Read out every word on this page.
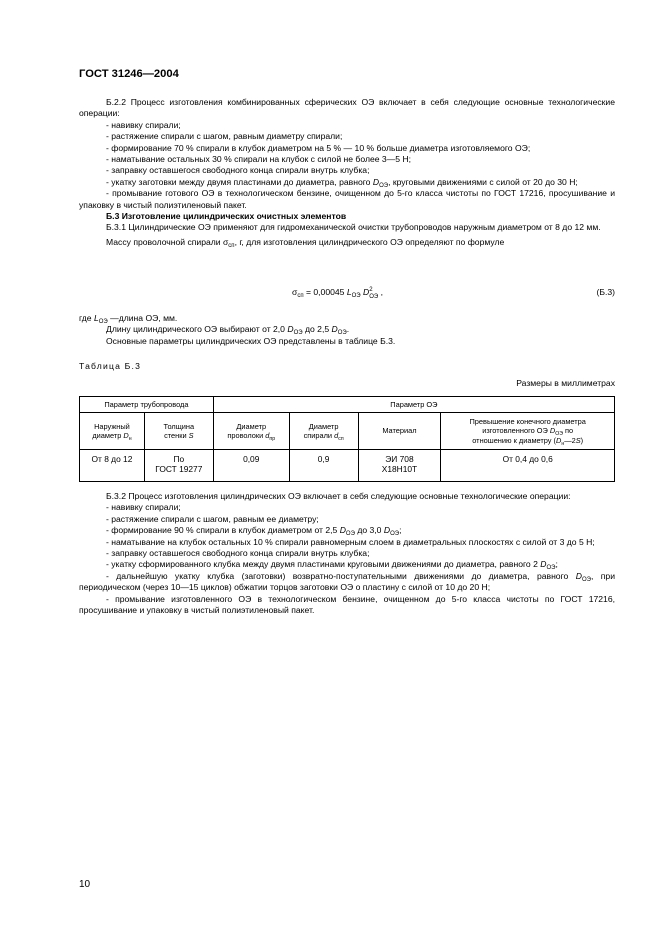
ГОСТ 31246—2004

Б.2.2 Процесс изготовления комбинированных сферических ОЭ включает в себя следующие основные технологические операции:

- навивку спирали;

- растяжение спирали с шагом, равным диаметру спирали;

- формирование 70 % спирали в клубок диаметром на 5 % — 10 % больше диаметра изготовляемого ОЭ;

- наматывание остальных 30 % спирали на клубок с силой не более 3—5 Н;

- заправку оставшегося свободного конца спирали внутрь клубка;

- укатку заготовки между двумя пластинами до диаметра, равного $D_{ОЭ}$, круговыми движениями с силой от 20 до 30 Н;

- промывание готового ОЭ в технологическом бензине, очищенном до 5-го класса чистоты по ГОСТ 17216, просушивание и упаковку в чистый полиэтиленовый пакет.

Б.3 Изготовление цилиндрических очистных элементов

Б.3.1 Цилиндрические ОЭ применяют для гидромеханической очистки трубопроводов наружным диаметром от 8 до 12 мм.

Массу проволочной спирали $\sigma_{сп}$, г, для изготовления цилиндрического ОЭ определяют по формуле

$\sigma_{сп} = 0,00045$ $L_{ОЭ}$ D 2
ОЭ ,	(Б.3)

где $L_{ОЭ}$ —длина ОЭ, мм.

Длину цилиндрического ОЭ выбирают от 2,0 $D_{ОЭ}$ до 2,5 $D_{ОЭ}$.

Основные параметры цилиндрических ОЭ представлены в таблице Б.3.

Таблица Б.3
Размеры в миллиметрах
Параметр трубопровода		Параметр ОЭ			
Наружный
диаметр $D_н$	Толщина
стенки S	Диаметр
проволоки $d_{пр}$	Диаметр
спирали $d_{сп}$	Материал	Превышение конечного диаметра
изготовленного ОЭ $D_{ОЭ}$ по
отношению к диаметру $(D_н—2S)$
От 8 до 12	По
ГОСТ 19277	0,09	0,9	ЭИ 708
Х18Н10Т	От 0,4 до 0,6

Б.3.2 Процесс изготовления цилиндрических ОЭ включает в себя следующие основные технологические операции:

- навивку спирали;

- растяжение спирали с шагом, равным ее диаметру;

- формирование 90 % спирали в клубок диаметром от 2,5 $D_{ОЭ}$ до 3,0 $D_{ОЭ}$;

- наматывание на клубок остальных 10 % спирали равномерным слоем в диаметральных плоскостях с силой от 3 до 5 Н;

- заправку оставшегося свободного конца спирали внутрь клубка;

- укатку сформированного клубка между двумя пластинами круговыми движениями до диаметра, равного 2 $D_{ОЭ}$;

- дальнейшую укатку клубка (заготовки) возвратно-поступательными движениями до диаметра, равного $D_{ОЭ}$, при периодическом (через 10—15 циклов) обжатии торцов заготовки ОЭ о пластину с силой от 10 до 20 Н;

- промывание изготовленного ОЭ в технологическом бензине, очищенном до 5-го класса чистоты по ГОСТ 17216, просушивание и упаковку в чистый полиэтиленовый пакет.

10
